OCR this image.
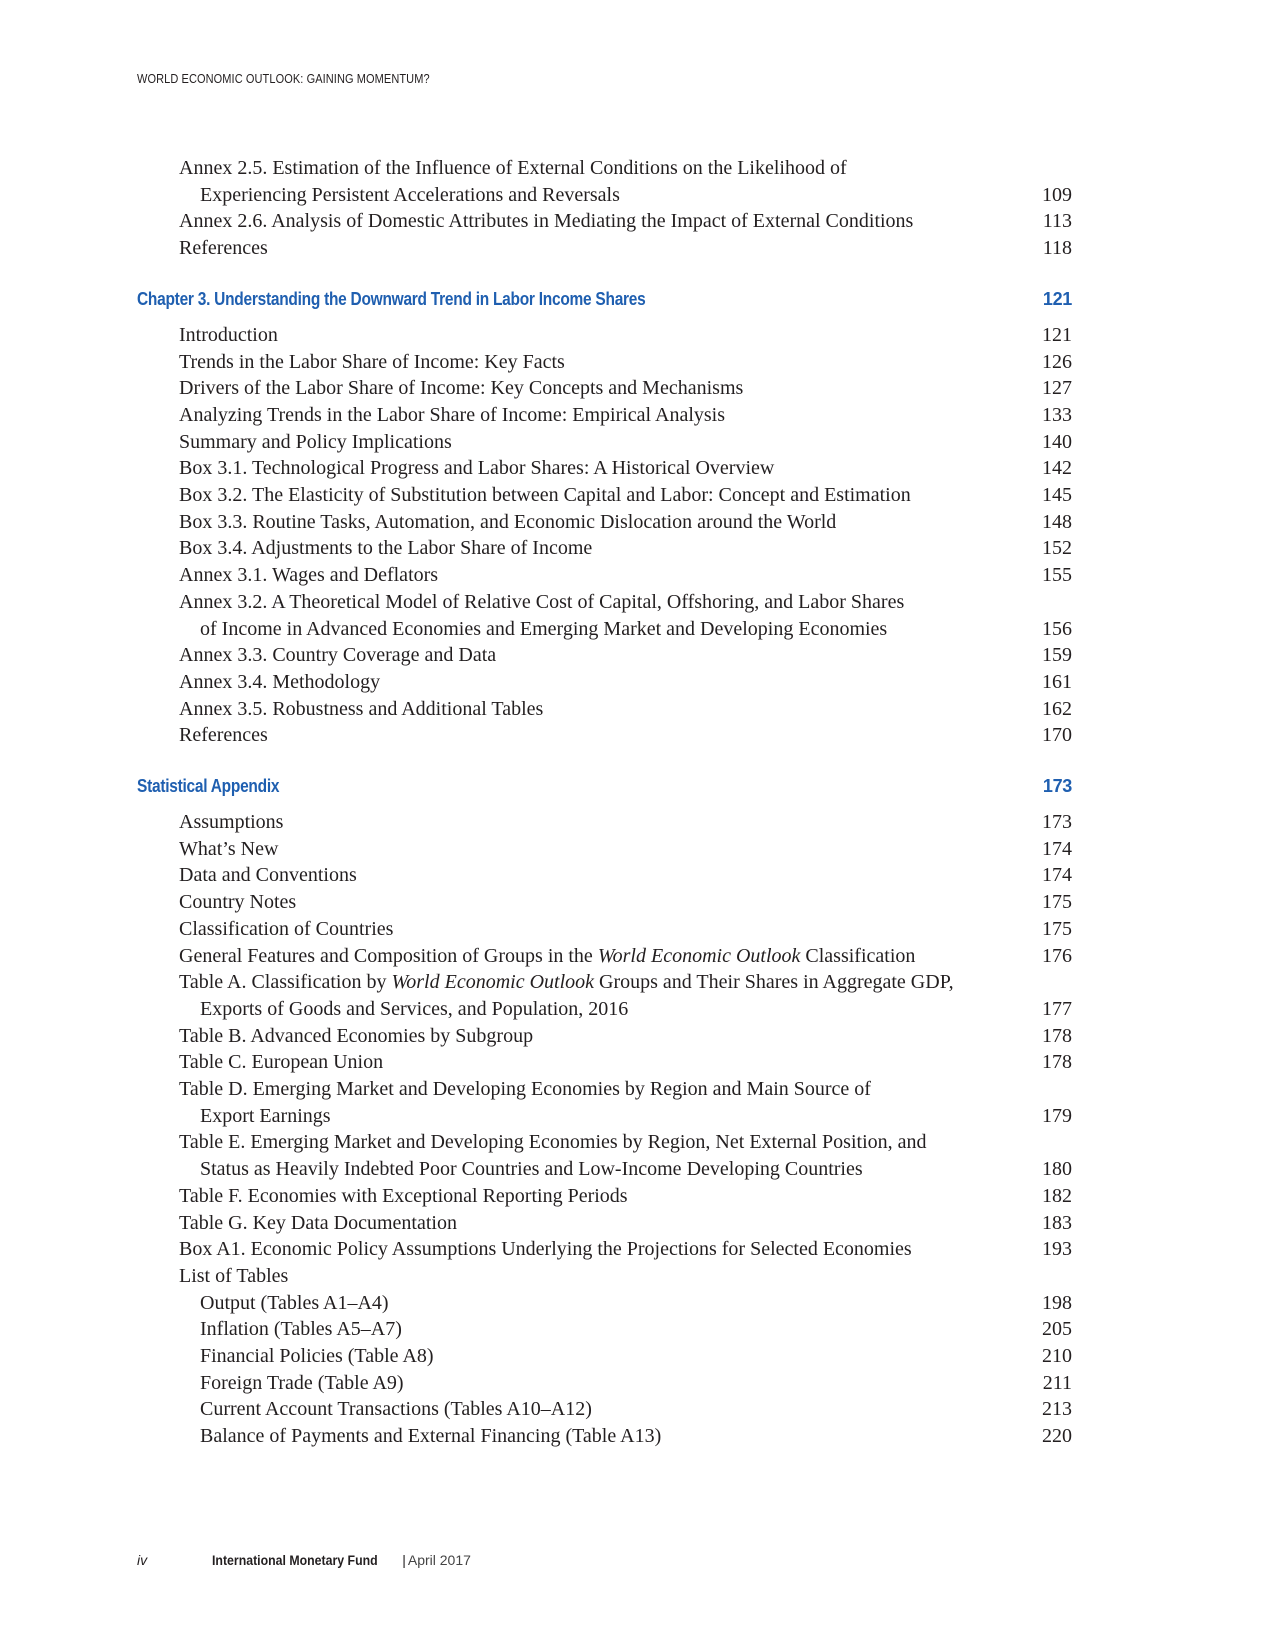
WORLD ECONOMIC OUTLOOK: GAINING MOMENTUM?
Annex 2.5. Estimation of the Influence of External Conditions on the Likelihood of
Experiencing Persistent Accelerations and Reversals	109
Annex 2.6. Analysis of Domestic Attributes in Mediating the Impact of External Conditions	113
References	118
Chapter 3. Understanding the Downward Trend in Labor Income Shares	121
Introduction	121
Trends in the Labor Share of Income: Key Facts	126
Drivers of the Labor Share of Income: Key Concepts and Mechanisms	127
Analyzing Trends in the Labor Share of Income: Empirical Analysis	133
Summary and Policy Implications	140
Box 3.1. Technological Progress and Labor Shares: A Historical Overview	142
Box 3.2. The Elasticity of Substitution between Capital and Labor: Concept and Estimation	145
Box 3.3. Routine Tasks, Automation, and Economic Dislocation around the World	148
Box 3.4. Adjustments to the Labor Share of Income	152
Annex 3.1. Wages and Deflators	155
Annex 3.2. A Theoretical Model of Relative Cost of Capital, Offshoring, and Labor Shares
of Income in Advanced Economies and Emerging Market and Developing Economies	156
Annex 3.3. Country Coverage and Data	159
Annex 3.4. Methodology	161
Annex 3.5. Robustness and Additional Tables	162
References	170
Statistical Appendix	173
Assumptions	173
What’s New	174
Data and Conventions	174
Country Notes	175
Classification of Countries	175
General Features and Composition of Groups in the World Economic Outlook Classification	176
Table A. Classification by World Economic Outlook Groups and Their Shares in Aggregate GDP,
Exports of Goods and Services, and Population, 2016	177
Table B. Advanced Economies by Subgroup	178
Table C. European Union	178
Table D. Emerging Market and Developing Economies by Region and Main Source of
Export Earnings	179
Table E. Emerging Market and Developing Economies by Region, Net External Position, and
Status as Heavily Indebted Poor Countries and Low-Income Developing Countries	180
Table F. Economies with Exceptional Reporting Periods	182
Table G. Key Data Documentation	183
Box A1. Economic Policy Assumptions Underlying the Projections for Selected Economies	193
List of Tables
Output (Tables A1–A4)	198
Inflation (Tables A5–A7)	205
Financial Policies (Table A8)	210
Foreign Trade (Table A9)	211
Current Account Transactions (Tables A10–A12)	213
Balance of Payments and External Financing (Table A13)	220
iv	International Monetary Fund | April 2017
